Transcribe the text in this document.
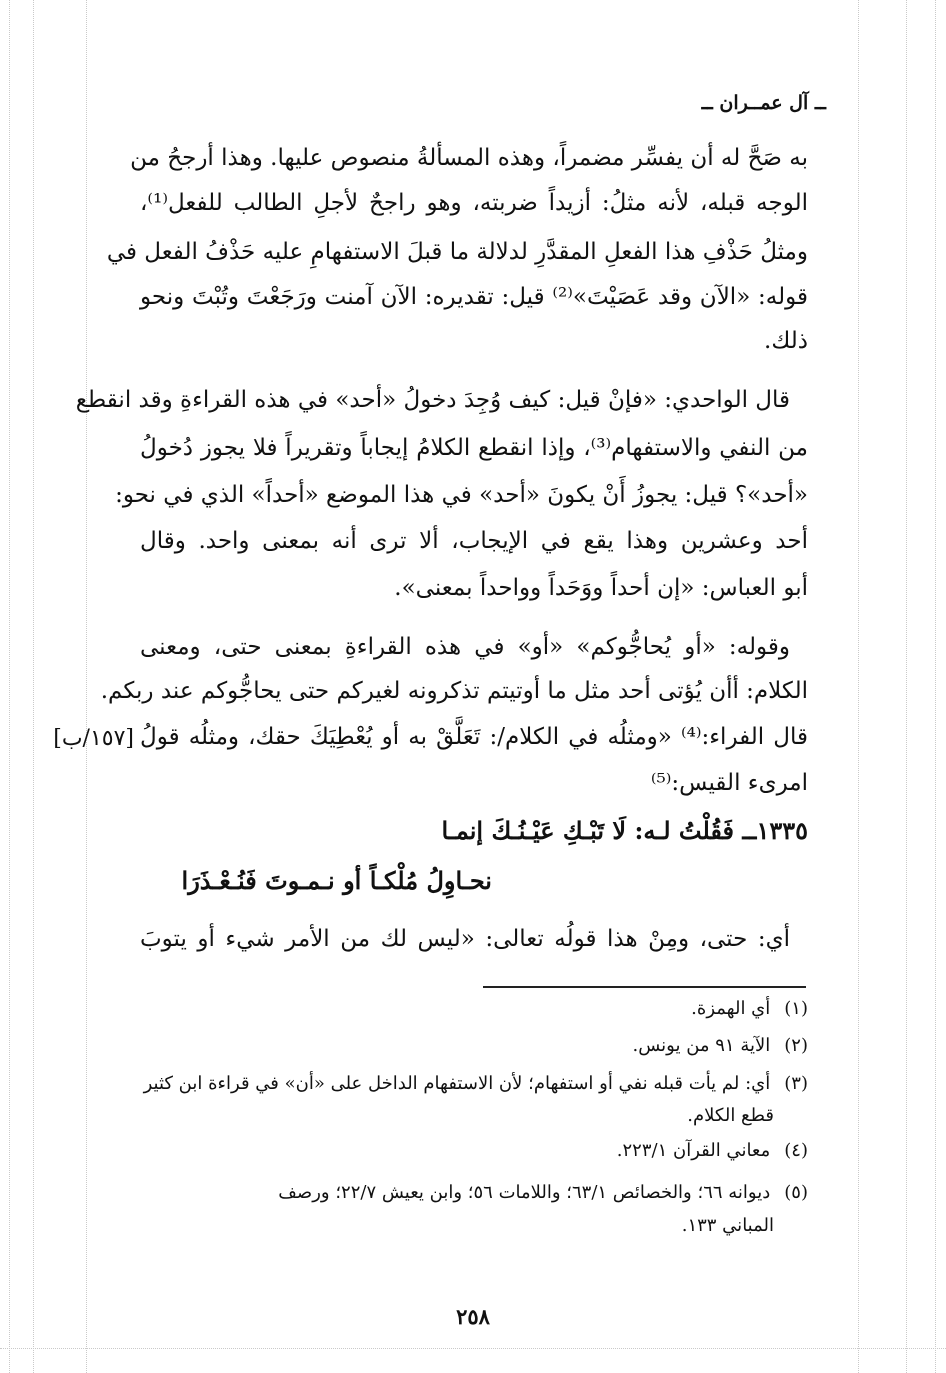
ــ آل عمــران ــ
به صَحَّ له أن يفسِّر مضمراً، وهذه المسألةُ منصوص عليها. وهذا أرجحُ من
الوجه قبله، لأنه مثلُ: أزيداً ضربته، وهو راجحٌ لأجلِ الطالب للفعل⁽¹⁾،
ومثلُ حَذْفِ هذا الفعلِ المقدَّرِ لدلالة ما قبلَ الاستفهامِ عليه حَذْفُ الفعل في
قوله: «الآن وقد عَصَيْتَ»⁽²⁾ قيل: تقديره: الآن آمنت ورَجَعْتَ وتُبْتَ ونحو
ذلك.
قال الواحدي: «فإنْ قيل: كيف وُجِدَ دخولُ «أحد» في هذه القراءةِ وقد انقطع
من النفي والاستفهام⁽³⁾، وإذا انقطع الكلامُ إيجاباً وتقريراً فلا يجوز دُخولُ
«أحد»؟ قيل: يجوزُ أَنْ يكونَ «أحد» في هذا الموضع «أحداً» الذي في نحو:
أحد وعشرين وهذا يقع في الإيجاب، ألا ترى أنه بمعنى واحد. وقال
أبو العباس: «إن أحداً ووَحَداً وواحداً بمعنى».
وقوله: «أو يُحاجُّوكم» «أو» في هذه القراءةِ بمعنى حتى، ومعنى
الكلام: أأن يُؤتى أحد مثل ما أوتيتم تذكرونه لغيركم حتى يحاجُّوكم عند ربكم.
قال الفراء:⁽⁴⁾ «ومثلُه في الكلام/: تَعَلَّقْ به أو يُعْطِيَكَ حقك، ومثلُه قولُ
امرىء القيس:⁽⁵⁾
[١٥٧/ب]
١٣٣٥ــ فَقُلْتُ لـه: لَا تَبْـكِ عَيْـنُـكَ إنمـا
نحـاوِلُ مُلْكـاً أو نـمـوتَ فَنُـعْـذَرَا
أي: حتى، ومِنْ هذا قولُه تعالى: «ليس لك من الأمر شيء أو يتوبَ
(١) أي الهمزة.
(٢) الآية ٩١ من يونس.
(٣) أي: لم يأت قبله نفي أو استفهام؛ لأن الاستفهام الداخل على «أن» في قراءة ابن كثير
قطع الكلام.
(٤) معاني القرآن ٢٢٣/١.
(٥) ديوانه ٦٦؛ والخصائص ٦٣/١؛ واللامات ٥٦؛ وابن يعيش ٢٢/٧؛ ورصف
المباني ١٣٣.
٢٥٨
